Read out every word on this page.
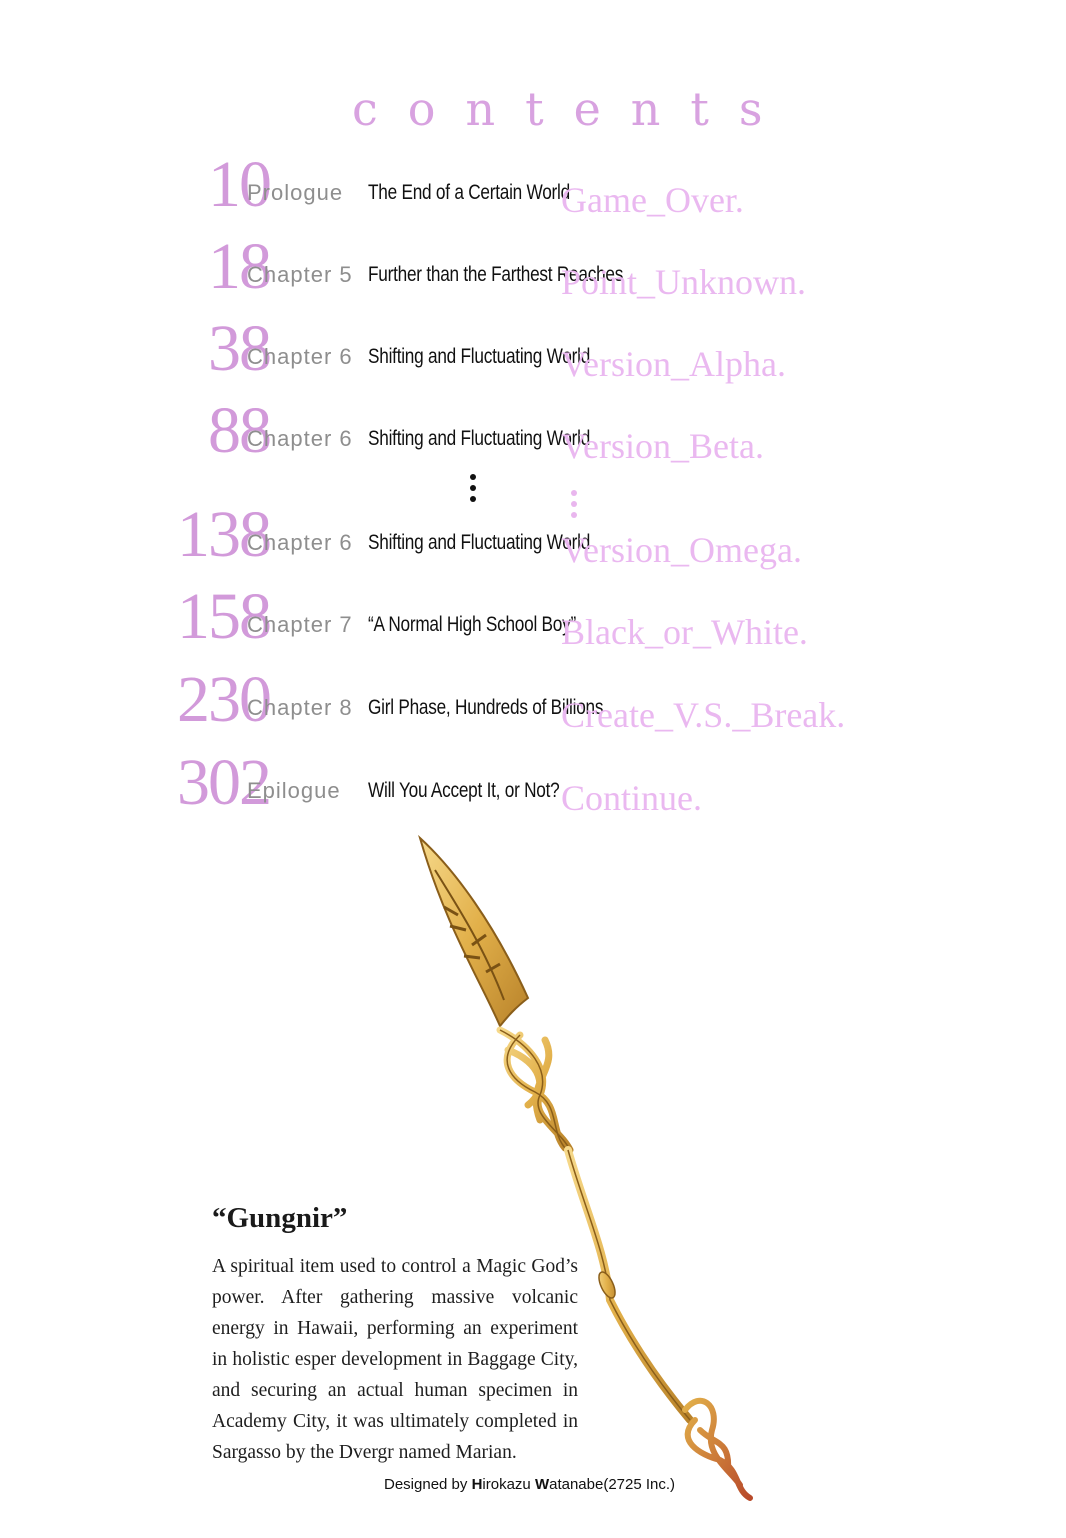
contents
10
Prologue The End of a Certain World
Game_Over.
18
Chapter 5 Further than the Farthest Reaches
Point_Unknown.
38
Chapter 6 Shifting and Fluctuating World
Version_Alpha.
88
Chapter 6 Shifting and Fluctuating World
Version_Beta.
138
Chapter 6 Shifting and Fluctuating World
Version_Omega.
158
Chapter 7 “A Normal High School Boy”
Black_or_White.
230
Chapter 8 Girl Phase, Hundreds of Billions
Create_V.S._Break.
302
Epilogue Will You Accept It, or Not? Continue.
“Gungnir”
A spiritual item used to control a Magic God’s power. After gathering massive volcanic energy in Hawaii, performing an experiment in holistic esper development in Baggage City, and securing an actual human specimen in Academy City, it was ultimately completed in Sargasso by the Dvergr named Marian.
Designed by Hirokazu Watanabe(2725 Inc.)
